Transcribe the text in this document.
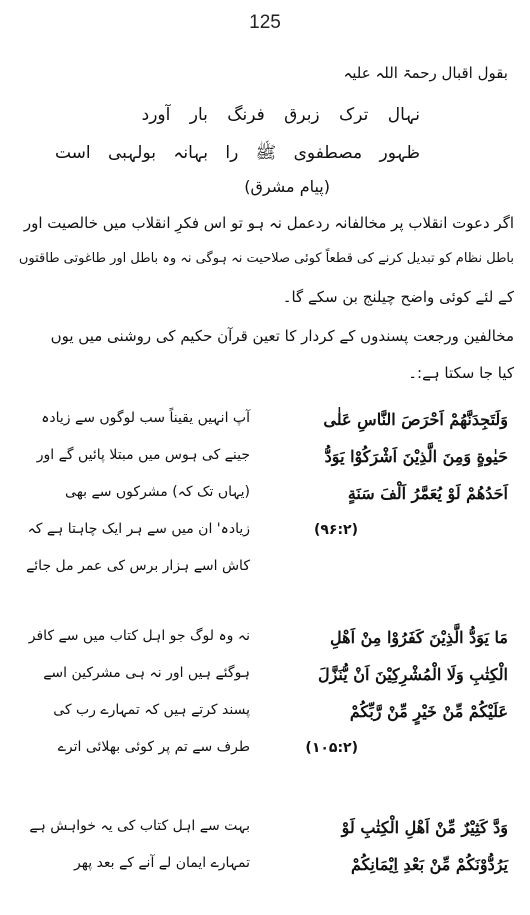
125
بقول اقبال رحمۃ اللہ علیہ
نہال ترک زبرق فرنگ بار آورد
ظہور مصطفوی ﷺ را بہانہ بولہبی است
(پیام مشرق)
اگر دعوت انقلاب پر مخالفانہ ردعمل نہ ہو تو اس فکرِ انقلاب میں خالصیت اور
باطل نظام کو تبدیل کرنے کی قطعاً کوئی صلاحیت نہ ہوگی نہ وہ باطل اور طاغوتی طاقتوں
کے لئے کوئی واضح چیلنج بن سکے گا۔
مخالفین ورجعت پسندوں کے کردار کا تعین قرآن حکیم کی روشنی میں یوں
کیا جا سکتا ہے:۔
وَلَتَجِدَنَّهُمْ اَحْرَصَ النَّاسِ عَلٰى
حَيٰوةٍ وَمِنَ الَّذِيْنَ اَشْرَكُوْا يَوَدُّ
اَحَدُهُمْ لَوْ يُعَمَّرُ اَلْفَ سَنَةٍ
(۹۶:۲)
آپ انہیں یقیناً سب لوگوں سے زیادہ
جینے کی ہوس میں مبتلا پائیں گے اور
(یہاں تک کہ) مشرکوں سے بھی
زیادہ' ان میں سے ہر ایک چاہتا ہے کہ
کاش اسے ہزار برس کی عمر مل جائے
مَا يَوَدُّ الَّذِيْنَ كَفَرُوْا مِنْ اَهْلِ
الْكِتٰبِ وَلَا الْمُشْرِكِيْنَ اَنْ يُّنَزَّلَ
عَلَيْكُمْ مِّنْ خَيْرٍ مِّنْ رَّبِّكُمْ
(۱۰۵:۲)
نہ وہ لوگ جو اہل کتاب میں سے کافر
ہوگئے ہیں اور نہ ہی مشرکین اسے
پسند کرتے ہیں کہ تمہارے رب کی
طرف سے تم پر کوئی بھلائی اترے
وَدَّ كَثِيْرٌ مِّنْ اَهْلِ الْكِتٰبِ لَوْ
يَرُدُّوْنَكُمْ مِّنْ بَعْدِ اِيْمَانِكُمْ
بہت سے اہل کتاب کی یہ خواہش ہے
تمہارے ایمان لے آنے کے بعد پھر
